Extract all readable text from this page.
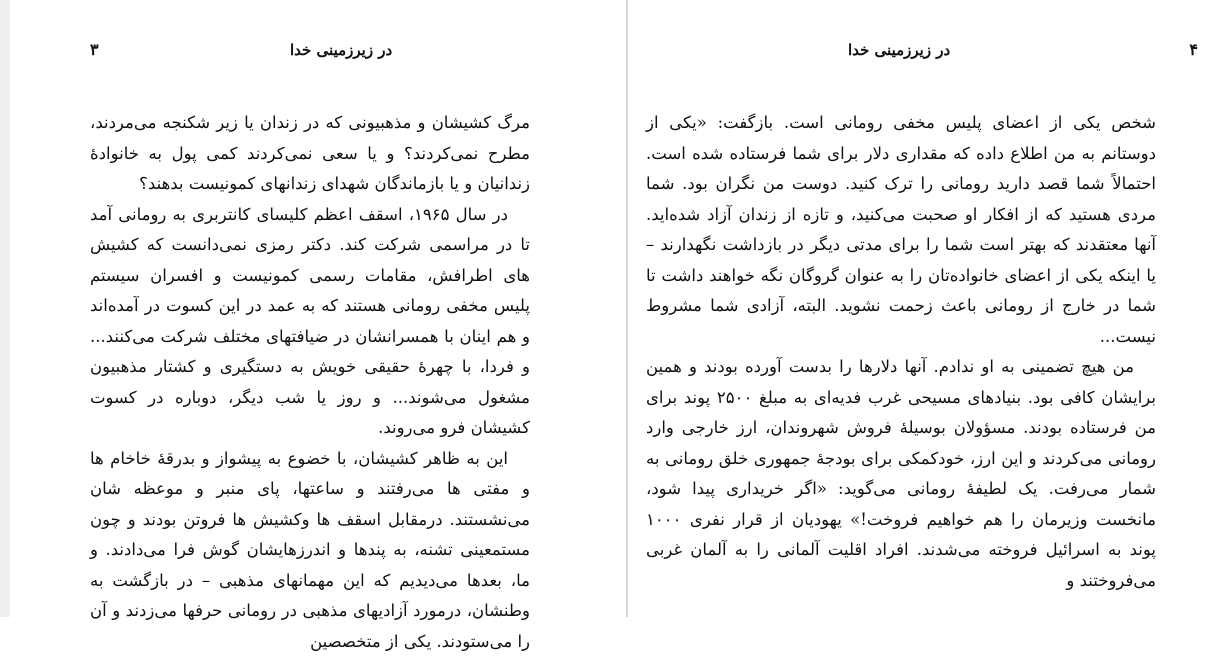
۳	در زیرزمینی خدا

مرگ کشیشان و مذهبیونی که در زندان یا زیر شکنجه می‌مردند، مطرح نمی‌کردند؟ و یا سعی نمی‌کردند کمی پول به خانوادهٔ زندانیان و یا بازماندگان شهدای زندانهای کمونیست بدهند؟

در سال ۱۹۶۵، اسقف اعظم کلیسای کانتربری به رومانی آمد تا در مراسمی شرکت کند. دکتر رمزی نمی‌دانست که کشیش های اطرافش، مقامات رسمی کمونیست و افسران سیستم پلیس مخفی رومانی هستند که به عمد در این کسوت در آمده‌اند و هم اینان با همسرانشان در ضیافتهای مختلف شرکت می‌کنند... و فردا، با چهرهٔ حقیقی خویش به دستگیری و کشتار مذهبیون مشغول می‌شوند... و روز یا شب دیگر، دوباره در کسوت کشیشان فرو می‌روند.

این به ظاهر کشیشان، با خضوع به پیشواز و بدرقهٔ خاخام ها و مفتی ها می‌رفتند و ساعتها، پای منبر و موعظه شان می‌نشستند. درمقابل اسقف ها وکشیش ها فروتن بودند و چون مستمعینی تشنه، به پندها و اندرزهایشان گوش فرا می‌دادند. و ما، بعدها می‌دیدیم که این مهمانهای مذهبی – در بازگشت به وطنشان، درمورد آزادیهای مذهبی در رومانی حرفها می‌زدند و آن را می‌ستودند. یکی از متخصصین

۴
در زیرزمینی خدا

شخص یکی از اعضای پلیس مخفی رومانی است. بازگفت: «یکی از دوستانم به من اطلاع داده که مقداری دلار برای شما فرستاده شده است. احتمالاً شما قصد دارید رومانی را ترک کنید. دوست من نگران بود. شما مردی هستید که از افکار او صحبت می‌کنید، و تازه از زندان آزاد شده‌اید. آنها معتقدند که بهتر است شما را برای مدتی دیگر در بازداشت نگهدارند – یا اینکه یکی از اعضای خانواده‌تان را به عنوان گروگان نگه خواهند داشت تا شما در خارج از رومانی باعث زحمت نشوید. البته، آزادی شما مشروط نیست...

من هیچ تضمینی به او ندادم. آنها دلارها را بدست آورده بودند و همین برایشان کافی بود. بنیادهای مسیحی غرب فدیه‌ای به مبلغ ۲۵۰۰ پوند برای من فرستاده بودند. مسؤولان بوسیلهٔ فروش شهروندان، ارز خارجی وارد رومانی می‌کردند و این ارز، خودکمکی برای بودجهٔ جمهوری خلق رومانی به شمار می‌رفت. یک لطیفهٔ رومانی می‌گوید: «اگر خریداری پیدا شود، مانخست وزیرمان را هم خواهیم فروخت!» یهودیان از قرار نفری ۱۰۰۰ پوند به اسرائیل فروخته می‌شدند. افراد اقلیت آلمانی را به آلمان غربی می‌فروختند و
